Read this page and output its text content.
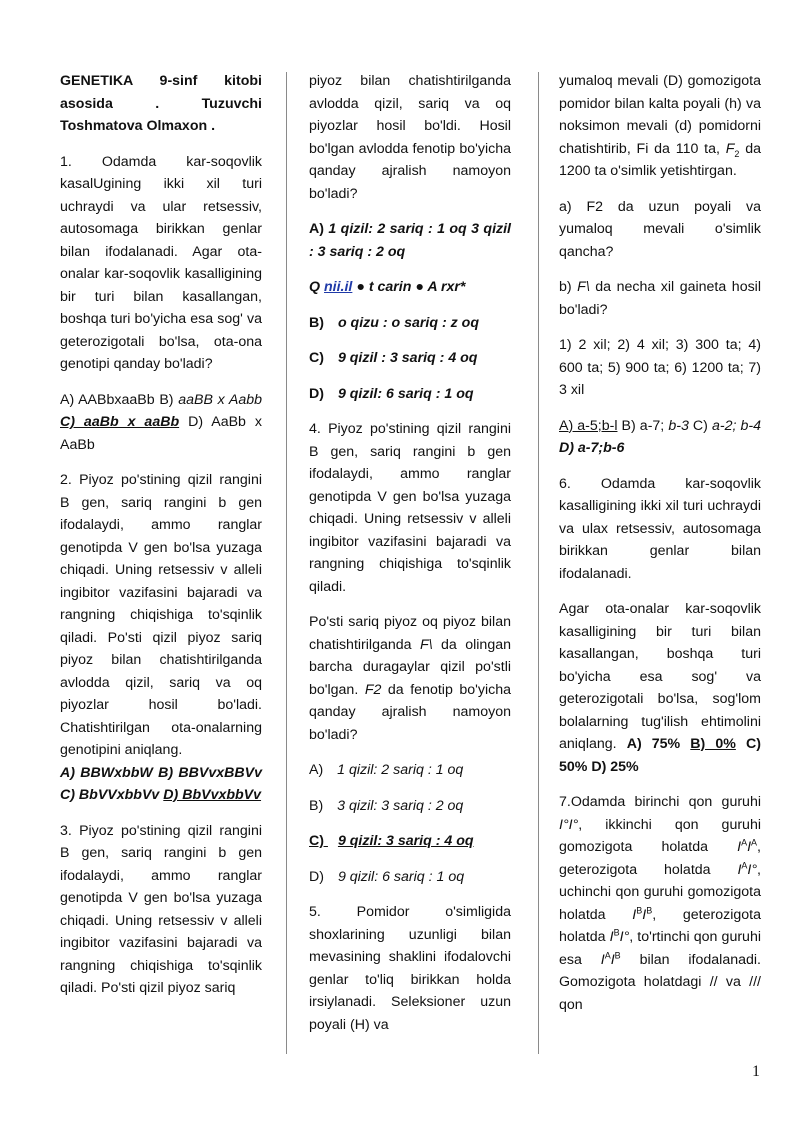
GENETIKA 9-sinf kitobi asosida . Tuzuvchi Toshmatova Olmaxon .

1. Odamda kar-soqovlik kasalUgining ikki xil turi uchraydi va ular retsessiv, autosomaga birikkan genlar bilan ifodalanadi. Agar ota-onalar kar-soqovlik kasalligining bir turi bilan kasallangan, boshqa turi bo'yicha esa sog' va geterozigotali bo'lsa, ota-ona genotipi qanday bo'ladi?

A) AABbxaaBb B) aaBB x Aabb C) aaBb x aaBb D) AaBb x AaBb

2. Piyoz po'stining qizil rangini B gen, sariq rangini b gen ifodalaydi, ammo ranglar genotipda V gen bo'lsa yuzaga chiqadi. Uning retsessiv v alleli ingibitor vazifasini bajaradi va rangning chiqishiga to'sqinlik qiladi. Po'sti qizil piyoz sariq piyoz bilan chatishtirilganda avlodda qizil, sariq va oq piyozlar hosil bo'ladi. Chatishtirilgan ota-onalarning genotipini aniqlang.

A) BBWxbbW B) BBVvxBBVv C) BbVVxbbVv D) BbVvxbbVv

3. Piyoz po'stining qizil rangini B gen, sariq rangini b gen ifodalaydi, ammo ranglar genotipda V gen bo'lsa yuzaga chiqadi. Uning retsessiv v alleli ingibitor vazifasini bajaradi va rangning chiqishiga to'sqinlik qiladi. Po'sti qizil piyoz sariq

piyoz bilan chatishtirilganda avlodda qizil, sariq va oq piyozlar hosil bo'ldi. Hosil bo'lgan avlodda fenotip bo'yicha qanday ajralish namoyon bo'ladi?

A) 1 qizil: 2 sariq : 1 oq 3 qizil : 3 sariq : 2 oq

Q nii.il ● t carin ● A rxr*

B) o qizu : o sariq : z oq

C) 9 qizil : 3 sariq : 4 oq

D) 9 qizil: 6 sariq : 1 oq

4. Piyoz po'stining qizil rangini B gen, sariq rangini b gen ifodalaydi, ammo ranglar genotipda V gen bo'lsa yuzaga chiqadi. Uning retsessiv v alleli ingibitor vazifasini bajaradi va rangning chiqishiga to'sqinlik qiladi.

Po'sti sariq piyoz oq piyoz bilan chatishtirilganda F\ da olingan barcha duragaylar qizil po'stli bo'lgan. F2 da fenotip bo'yicha qanday ajralish namoyon bo'ladi?

A) 1 qizil: 2 sariq : 1 oq

B) 3 qizil: 3 sariq : 2 oq

C) 9 qizil: 3 sariq : 4 oq

D) 9 qizil: 6 sariq : 1 oq

5. Pomidor o'simligida shoxlarining uzunligi bilan mevasining shaklini ifodalovchi genlar to'liq birikkan holda irsiylanadi. Seleksioner uzun poyali (H) va

yumaloq mevali (D) gomozigota pomidor bilan kalta poyali (h) va noksimon mevali (d) pomidorni chatishtirib, Fi da 110 ta, $F_2$ da 1200 ta o'simlik yetishtirgan.

a) F2 da uzun poyali va yumaloq mevali o'simlik qancha?

b) F\ da necha xil gaineta hosil bo'ladi?

1) 2 xil; 2) 4 xil; 3) 300 ta; 4) 600 ta; 5) 900 ta; 6) 1200 ta; 7) 3 xil

A) a-5;b-l B) a-7; b-3 C) a-2; b-4 D) a-7;b-6

6. Odamda kar-soqovlik kasalligining ikki xil turi uchraydi va ulax retsessiv, autosomaga birikkan genlar bilan ifodalanadi.

Agar ota-onalar kar-soqovlik kasalligining bir turi bilan kasallangan, boshqa turi bo'yicha esa sog' va geterozigotali bo'lsa, sog'lom bolalarning tug'ilish ehtimolini aniqlang. A) 75% B) 0% C) 50% D) 25%

7.Odamda birinchi qon guruhi I°I°, ikkinchi qon guruhi gomozigota holatda $I^AI^A$, geterozigota holatda $I^AI^\circ$, uchinchi qon guruhi gomozigota holatda $I^BI^B$, geterozigota holatda $I^BI^\circ$, to'rtinchi qon guruhi esa $I^AI^B$ bilan ifodalanadi. Gomozigota holatdagi // va /// qon

1
